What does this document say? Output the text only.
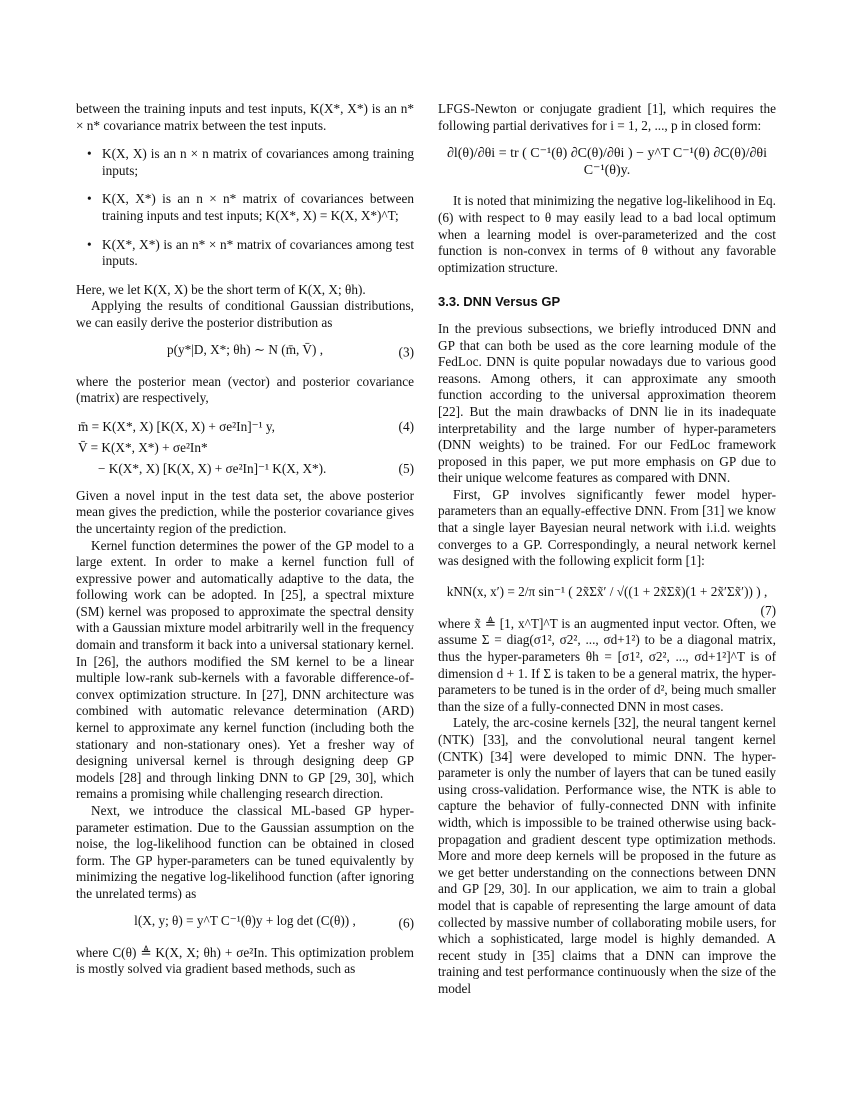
between the training inputs and test inputs, K(X*, X*) is an n* × n* covariance matrix between the test inputs.

• K(X, X) is an n × n matrix of covariances among training inputs;
• K(X, X*) is an n × n* matrix of covariances between training inputs and test inputs; K(X*, X) = K(X, X*)^T;
• K(X*, X*) is an n* × n* matrix of covariances among test inputs.

Here, we let K(X, X) be the short term of K(X, X; θh).

Applying the results of conditional Gaussian distributions, we can easily derive the posterior distribution as

p(y*|D, X*; θh) ∼ N (m̄, V̄) ,	(3)

where the posterior mean (vector) and posterior covariance (matrix) are respectively,

m̄ = K(X*, X) [K(X, X) + σe²In]⁻¹ y,	(4)
V̄ = K(X*, X*) + σe²In*
− K(X*, X) [K(X, X) + σe²In]⁻¹ K(X, X*).	(5)

Given a novel input in the test data set, the above posterior mean gives the prediction, while the posterior covariance gives the uncertainty region of the prediction.

Kernel function determines the power of the GP model to a large extent. In order to make a kernel function full of expressive power and automatically adaptive to the data, the following work can be adopted. In [25], a spectral mixture (SM) kernel was proposed to approximate the spectral density with a Gaussian mixture model arbitrarily well in the frequency domain and transform it back into a universal stationary kernel. In [26], the authors modified the SM kernel to be a linear multiple low-rank sub-kernels with a favorable difference-of-convex optimization structure. In [27], DNN architecture was combined with automatic relevance determination (ARD) kernel to approximate any kernel function (including both the stationary and non-stationary ones). Yet a fresher way of designing universal kernel is through designing deep GP models [28] and through linking DNN to GP [29, 30], which remains a promising while challenging research direction.

Next, we introduce the classical ML-based GP hyper-parameter estimation. Due to the Gaussian assumption on the noise, the log-likelihood function can be obtained in closed form. The GP hyper-parameters can be tuned equivalently by minimizing the negative log-likelihood function (after ignoring the unrelated terms) as

l(X, y; θ) = y^T C⁻¹(θ)y + log det (C(θ)) ,	(6)

where C(θ) ≜ K(X, X; θh) + σe²In. This optimization problem is mostly solved via gradient based methods, such as

LFGS-Newton or conjugate gradient [1], which requires the following partial derivatives for i = 1, 2, ..., p in closed form:

∂l(θ)/∂θi = tr ( C⁻¹(θ) ∂C(θ)/∂θi ) − y^T C⁻¹(θ) ∂C(θ)/∂θi C⁻¹(θ)y.

It is noted that minimizing the negative log-likelihood in Eq.(6) with respect to θ may easily lead to a bad local optimum when a learning model is over-parameterized and the cost function is non-convex in terms of θ without any favorable optimization structure.

3.3. DNN Versus GP

In the previous subsections, we briefly introduced DNN and GP that can both be used as the core learning module of the FedLoc. DNN is quite popular nowadays due to various good reasons. Among others, it can approximate any smooth function according to the universal approximation theorem [22]. But the main drawbacks of DNN lie in its inadequate interpretability and the large number of hyper-parameters (DNN weights) to be trained. For our FedLoc framework proposed in this paper, we put more emphasis on GP due to their unique welcome features as compared with DNN.

First, GP involves significantly fewer model hyper-parameters than an equally-effective DNN. From [31] we know that a single layer Bayesian neural network with i.i.d. weights converges to a GP. Correspondingly, a neural network kernel was designed with the following explicit form [1]:

kNN(x, x′) = 2/π sin⁻¹ ( 2x̃Σx̃′ / √((1 + 2x̃Σx̃)(1 + 2x̃′Σx̃′)) ) ,
(7)

where x̃ ≜ [1, x^T]^T is an augmented input vector. Often, we assume Σ = diag(σ1², σ2², ..., σd+1²) to be a diagonal matrix, thus the hyper-parameters θh = [σ1², σ2², ..., σd+1²]^T is of dimension d + 1. If Σ is taken to be a general matrix, the hyper-parameters to be tuned is in the order of d², being much smaller than the size of a fully-connected DNN in most cases.

Lately, the arc-cosine kernels [32], the neural tangent kernel (NTK) [33], and the convolutional neural tangent kernel (CNTK) [34] were developed to mimic DNN. The hyper-parameter is only the number of layers that can be tuned easily using cross-validation. Performance wise, the NTK is able to capture the behavior of fully-connected DNN with infinite width, which is impossible to be trained otherwise using back-propagation and gradient descent type optimization methods. More and more deep kernels will be proposed in the future as we get better understanding on the connections between DNN and GP [29, 30]. In our application, we aim to train a global model that is capable of representing the large amount of data collected by massive number of collaborating mobile users, for which a sophisticated, large model is highly demanded. A recent study in [35] claims that a DNN can improve the training and test performance continuously when the size of the model
